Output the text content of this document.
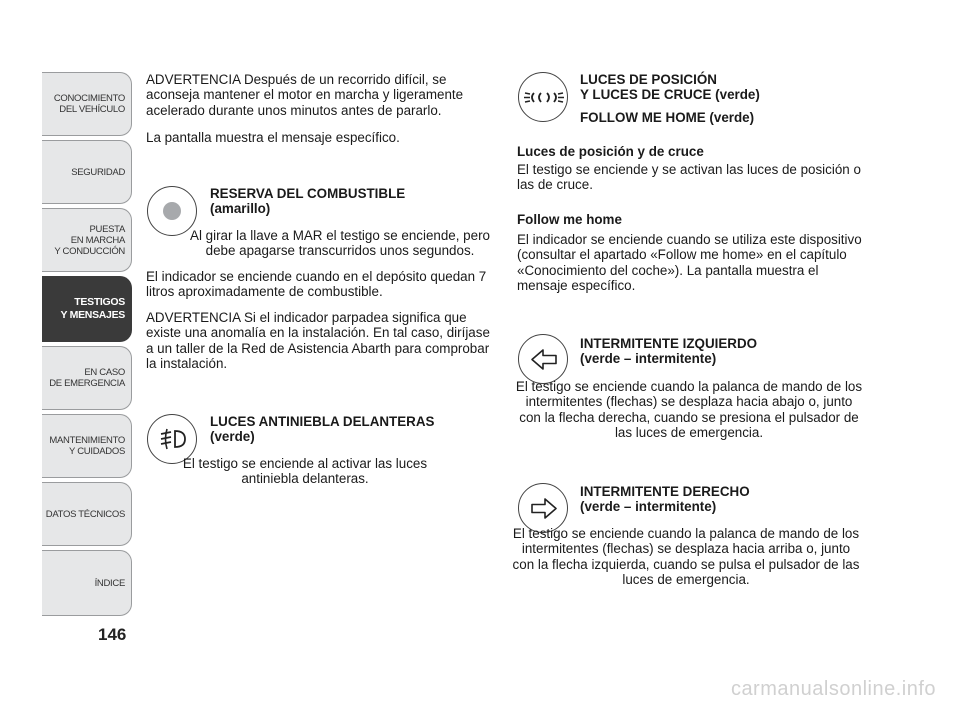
CONOCIMIENTO
DEL VEHÍCULO
SEGURIDAD
PUESTA
EN MARCHA
Y CONDUCCIÓN
TESTIGOS
Y MENSAJES
EN CASO
DE EMERGENCIA
MANTENIMIENTO
Y CUIDADOS
DATOS TÉCNICOS
ÍNDICE
146
ADVERTENCIA Después de un recorrido difícil, se aconseja mantener el motor en marcha y ligeramente acelerado durante unos minutos antes de pararlo.
La pantalla muestra el mensaje específico.
RESERVA DEL COMBUSTIBLE
(amarillo)
Al girar la llave a MAR el testigo se enciende, pero debe apagarse transcurridos unos segundos.
El indicador se enciende cuando en el depósito quedan 7 litros aproximadamente de combustible.
ADVERTENCIA Si el indicador parpadea significa que existe una anomalía en la instalación. En tal caso, diríjase a un taller de la Red de Asistencia Abarth para comprobar la instalación.
LUCES ANTINIEBLA DELANTERAS
(verde)
El testigo se enciende al activar las luces antiniebla delanteras.
LUCES DE POSICIÓN
Y LUCES DE CRUCE (verde)
FOLLOW ME HOME (verde)
Luces de posición y de cruce
El testigo se enciende y se activan las luces de posición o las de cruce.
Follow me home
El indicador se enciende cuando se utiliza este dispositivo (consultar el apartado «Follow me home» en el capítulo «Conocimiento del coche»). La pantalla muestra el mensaje específico.
INTERMITENTE IZQUIERDO
(verde – intermitente)
El testigo se enciende cuando la palanca de mando de los intermitentes (flechas) se desplaza hacia abajo o, junto con la flecha derecha, cuando se presiona el pulsador de las luces de emergencia.
INTERMITENTE DERECHO
(verde – intermitente)
El testigo se enciende cuando la palanca de mando de los intermitentes (flechas) se desplaza hacia arriba o, junto con la flecha izquierda, cuando se pulsa el pulsador de las luces de emergencia.
carmanualsonline.info
